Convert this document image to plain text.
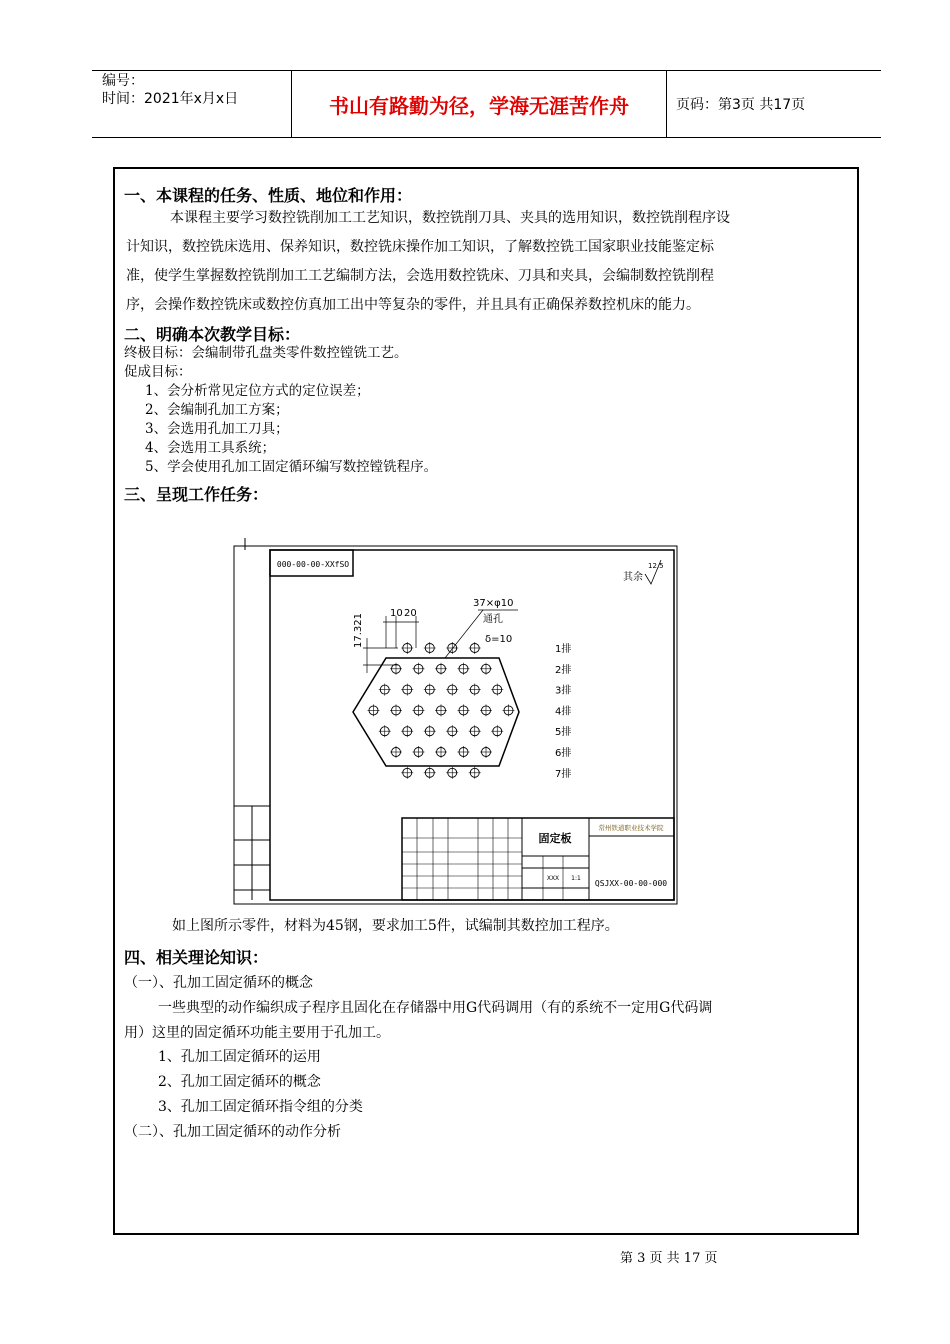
编号：
时间：2021年x月x日	书山有路勤为径，学海无涯苦作舟	页码：第3页 共17页
一、本课程的任务、性质、地位和作用：
本课程主要学习数控铣削加工工艺知识，数控铣削刀具、夹具的选用知识，数控铣削程序设
计知识，数控铣床选用、保养知识，数控铣床操作加工知识，了解数控铣工国家职业技能鉴定标
准，使学生掌握数控铣削加工工艺编制方法，会选用数控铣床、刀具和夹具，会编制数控铣削程
序，会操作数控铣床或数控仿真加工出中等复杂的零件，并且具有正确保养数控机床的能力。
二、明确本次教学目标：
终极目标：会编制带孔盘类零件数控镗铣工艺。
促成目标：
1、会分析常见定位方式的定位误差；
2、会编制孔加工方案；
3、会选用孔加工刀具；
4、会选用工具系统；
5、学会使用孔加工固定循环编写数控镗铣程序。
三、呈现工作任务：
000-00-00-XXfSO
其余
12.5
10 20
17.321
37×φ10
通孔
δ=10
1排
2排
3排
4排
5排
6排
7排
固定板
常州铁道职业技术学院
XXX 1:1
QSJXX-00-00-000
如上图所示零件，材料为45钢，要求加工5件，试编制其数控加工程序。
四、相关理论知识：
（一）、孔加工固定循环的概念
一些典型的动作编织成子程序且固化在存储器中用G代码调用（有的系统不一定用G代码调
用）这里的固定循环功能主要用于孔加工。
1、孔加工固定循环的运用
2、孔加工固定循环的概念
3、孔加工固定循环指令组的分类
（二）、孔加工固定循环的动作分析
第 3 页 共 17 页
